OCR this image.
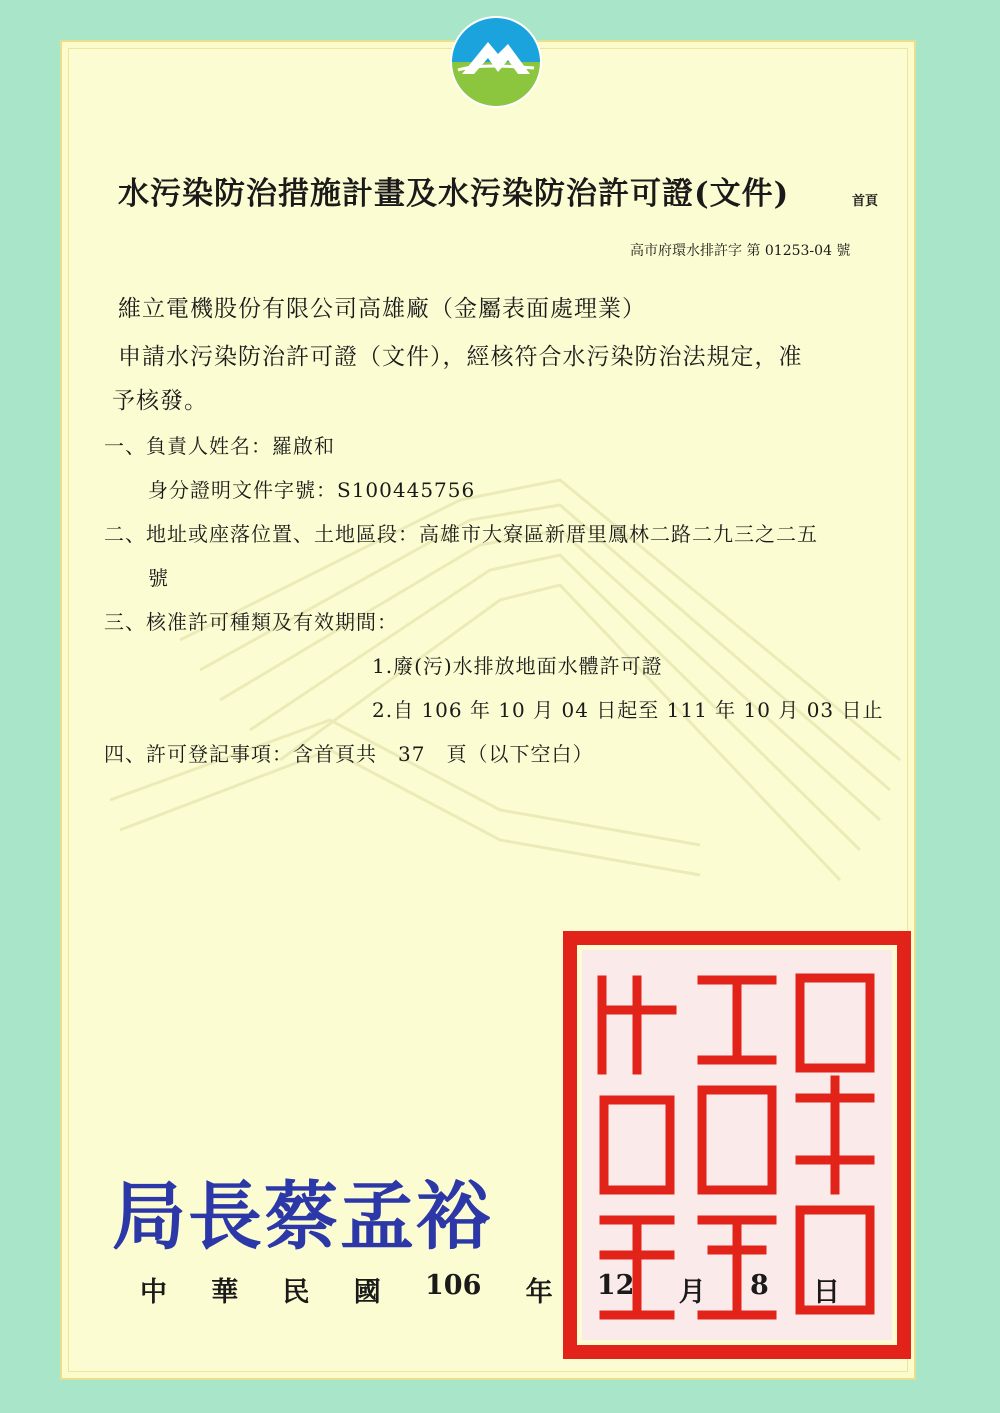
水污染防治措施計畫及水污染防治許可證(文件)	首頁
高市府環水排許字 第 01253-04 號
維立電機股份有限公司高雄廠（金屬表面處理業）
申請水污染防治許可證（文件），經核符合水污染防治法規定，准
予核發。
一、負責人姓名：羅啟和
身分證明文件字號：S100445756
二、地址或座落位置、土地區段：高雄市大寮區新厝里鳳林二路二九三之二五
號
三、核准許可種類及有效期間：
1.廢(污)水排放地面水體許可證
2.自 106 年 10 月 04 日起至 111 年 10 月 03 日止
四、許可登記事項：含首頁共　37　頁（以下空白）
局長蔡孟裕
中 華 民 國 106 年 12 月 8 日
